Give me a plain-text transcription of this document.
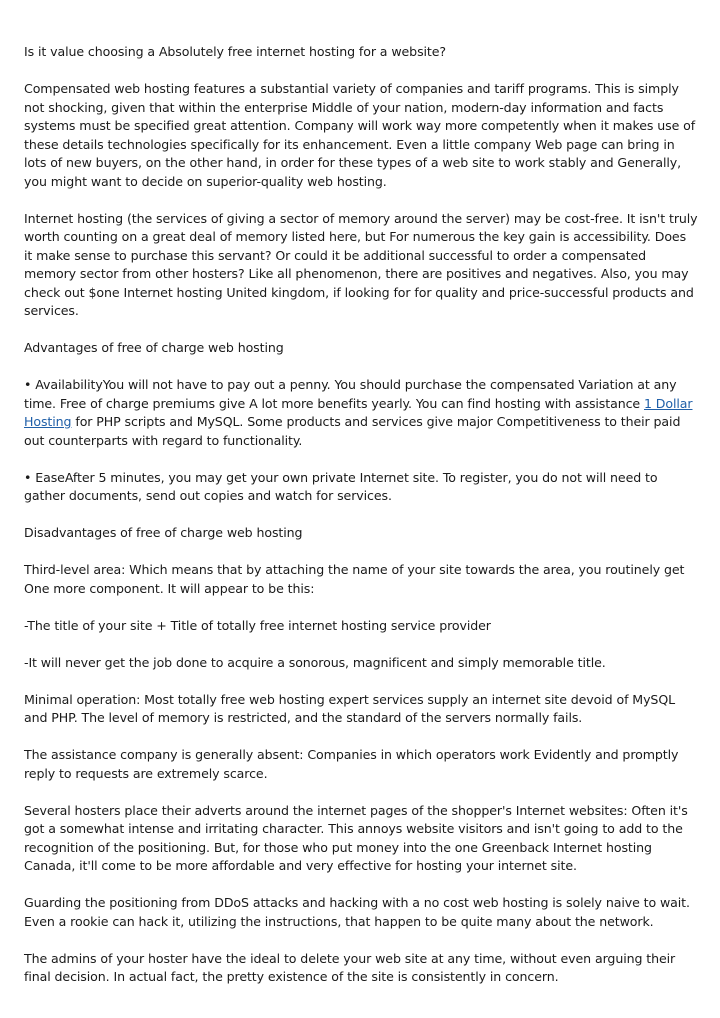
Is it value choosing a Absolutely free internet hosting for a website?

Compensated web hosting features a substantial variety of companies and tariff programs. This is simply not shocking, given that within the enterprise Middle of your nation, modern-day information and facts systems must be specified great attention. Company will work way more competently when it makes use of these details technologies specifically for its enhancement. Even a little company Web page can bring in lots of new buyers, on the other hand, in order for these types of a web site to work stably and Generally, you might want to decide on superior-quality web hosting.

Internet hosting (the services of giving a sector of memory around the server) may be cost-free. It isn't truly worth counting on a great deal of memory listed here, but For numerous the key gain is accessibility. Does it make sense to purchase this servant? Or could it be additional successful to order a compensated memory sector from other hosters? Like all phenomenon, there are positives and negatives. Also, you may check out $one Internet hosting United kingdom, if looking for for quality and price-successful products and services.

Advantages of free of charge web hosting

• AvailabilityYou will not have to pay out a penny. You should purchase the compensated Variation at any time. Free of charge premiums give A lot more benefits yearly. You can find hosting with assistance 1 Dollar Hosting for PHP scripts and MySQL. Some products and services give major Competitiveness to their paid out counterparts with regard to functionality.

• EaseAfter 5 minutes, you may get your own private Internet site. To register, you do not will need to gather documents, send out copies and watch for services.

Disadvantages of free of charge web hosting

Third-level area: Which means that by attaching the name of your site towards the area, you routinely get One more component. It will appear to be this:

-The title of your site + Title of totally free internet hosting service provider

-It will never get the job done to acquire a sonorous, magnificent and simply memorable title.

Minimal operation: Most totally free web hosting expert services supply an internet site devoid of MySQL and PHP. The level of memory is restricted, and the standard of the servers normally fails.

The assistance company is generally absent: Companies in which operators work Evidently and promptly reply to requests are extremely scarce.

Several hosters place their adverts around the internet pages of the shopper's Internet websites: Often it's got a somewhat intense and irritating character. This annoys website visitors and isn't going to add to the recognition of the positioning. But, for those who put money into the one Greenback Internet hosting Canada, it'll come to be more affordable and very effective for hosting your internet site.

Guarding the positioning from DDoS attacks and hacking with a no cost web hosting is solely naive to wait. Even a rookie can hack it, utilizing the instructions, that happen to be quite many about the network.

The admins of your hoster have the ideal to delete your web site at any time, without even arguing their final decision. In actual fact, the pretty existence of the site is consistently in concern.
